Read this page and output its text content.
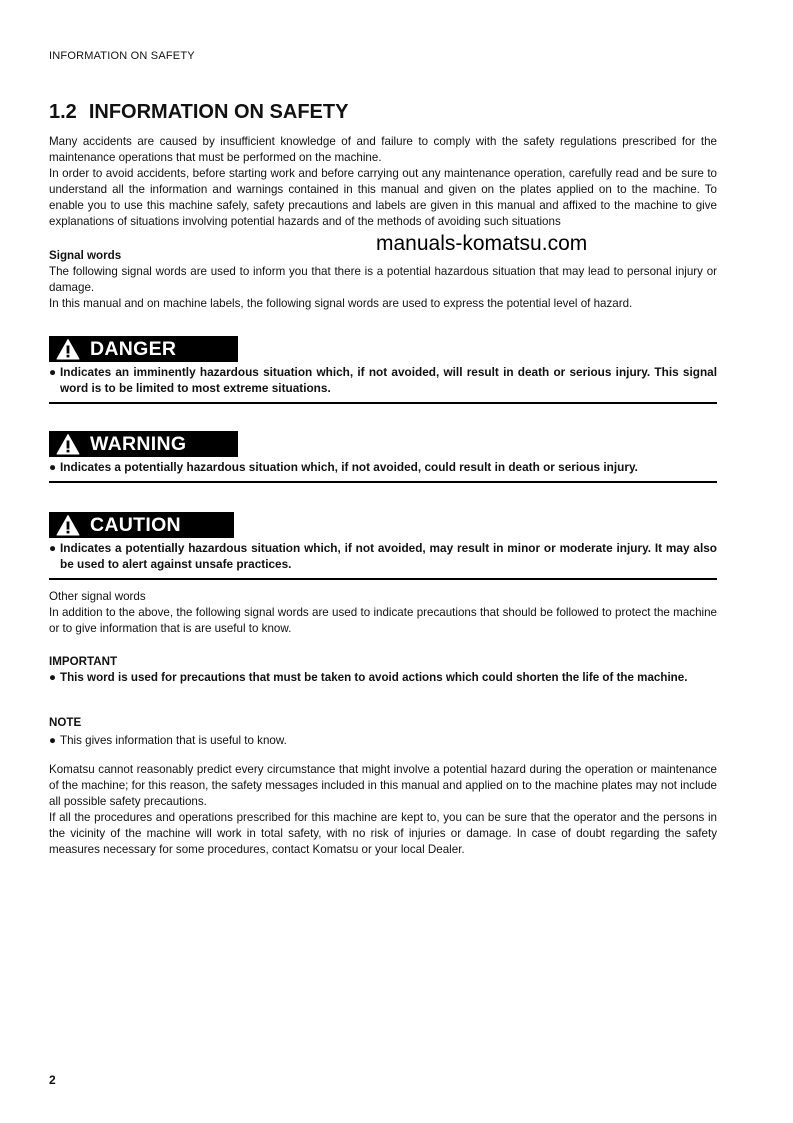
INFORMATION ON SAFETY
1.2 INFORMATION ON SAFETY

Many accidents are caused by insufficient knowledge of and failure to comply with the safety regulations prescribed for the maintenance operations that must be performed on the machine.

In order to avoid accidents, before starting work and before carrying out any maintenance operation, carefully read and be sure to understand all the information and warnings contained in this manual and given on the plates applied on to the machine. To enable you to use this machine safely, safety precautions and labels are given in this manual and affixed to the machine to give explanations of situations involving potential hazards and of the methods of avoiding such situations

manuals-komatsu.com
Signal words

The following signal words are used to inform you that there is a potential hazardous situation that may lead to personal injury or damage.

In this manual and on machine labels, the following signal words are used to express the potential level of hazard.

DANGER
● Indicates an imminently hazardous situation which, if not avoided, will result in death or serious injury. This signal word is to be limited to most extreme situations.
WARNING
● Indicates a potentially hazardous situation which, if not avoided, could result in death or serious injury.
CAUTION
● Indicates a potentially hazardous situation which, if not avoided, may result in minor or moderate injury. It may also be used to alert against unsafe practices.
Other signal words

In addition to the above, the following signal words are used to indicate precautions that should be followed to protect the machine or to give information that is are useful to know.

IMPORTANT
● This word is used for precautions that must be taken to avoid actions which could shorten the life of the machine.
NOTE
● This gives information that is useful to know.

Komatsu cannot reasonably predict every circumstance that might involve a potential hazard during the operation or maintenance of the machine; for this reason, the safety messages included in this manual and applied on to the machine plates may not include all possible safety precautions.

If all the procedures and operations prescribed for this machine are kept to, you can be sure that the operator and the persons in the vicinity of the machine will work in total safety, with no risk of injuries or damage. In case of doubt regarding the safety measures necessary for some procedures, contact Komatsu or your local Dealer.

2
